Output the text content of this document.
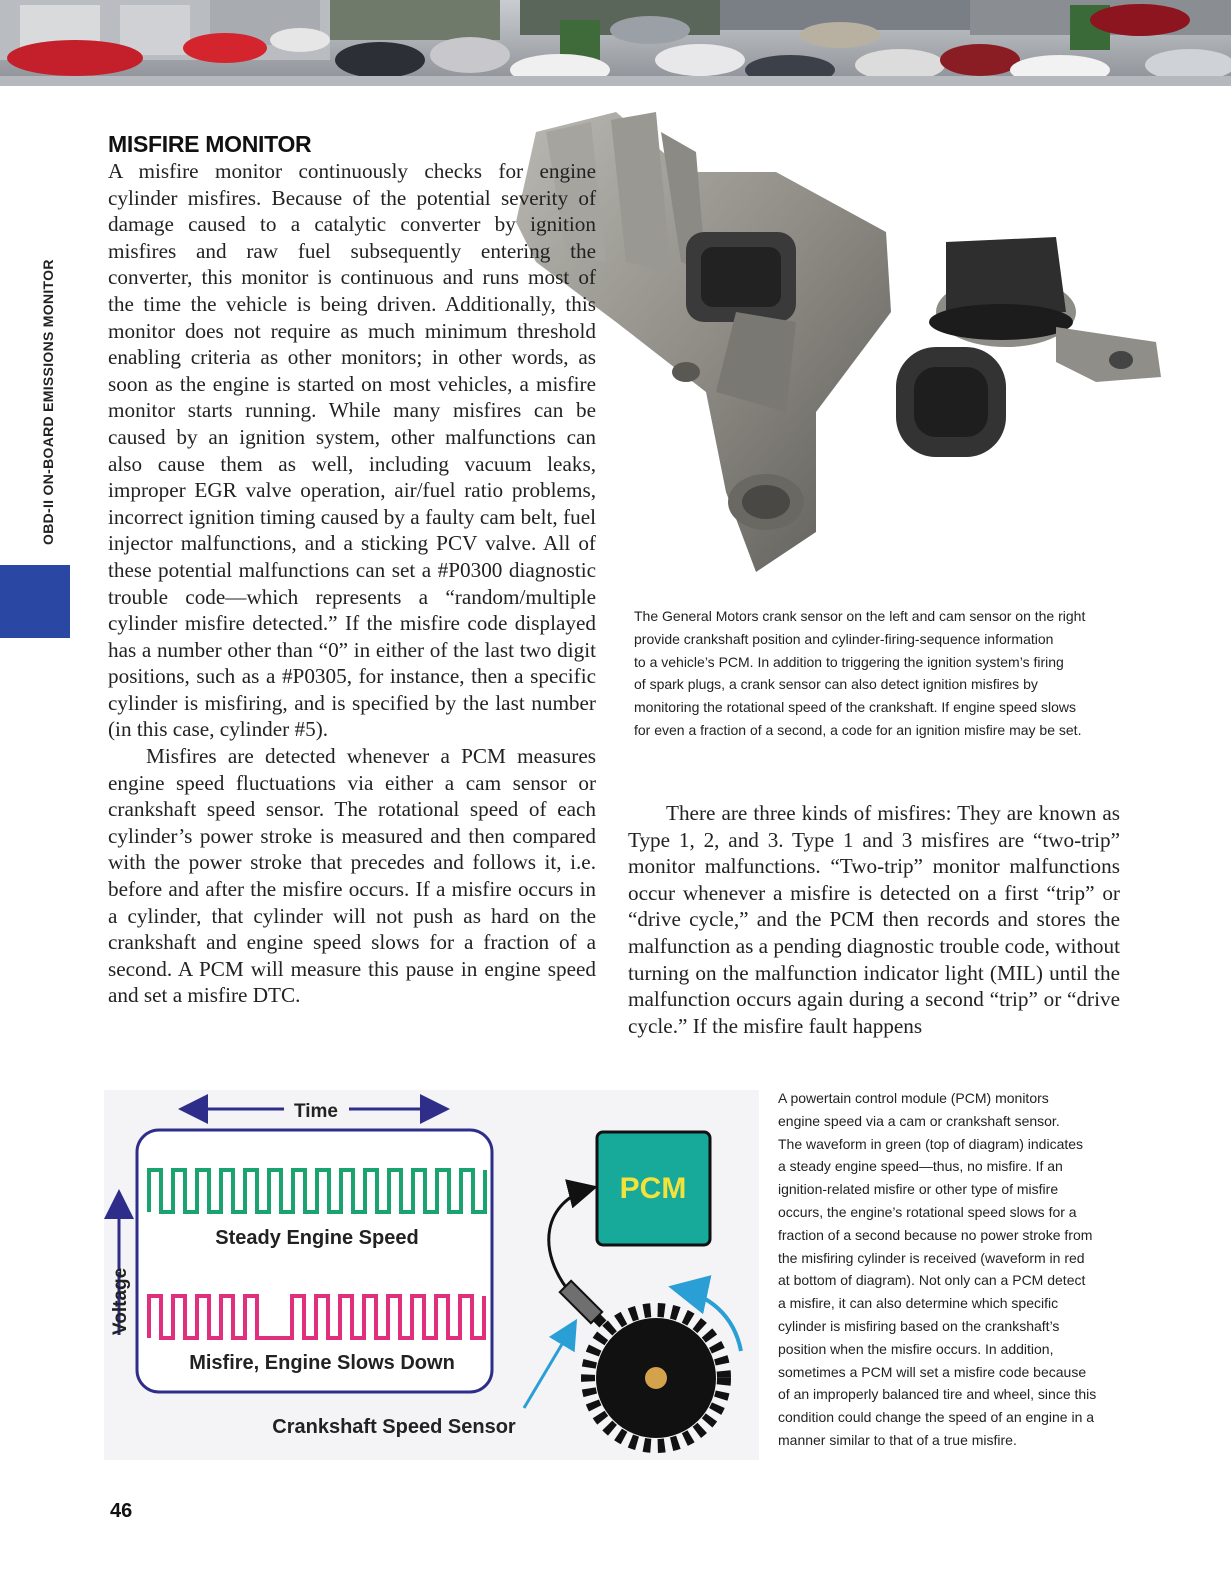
OBD-II ON-BOARD EMISSIONS MONITOR
MISFIRE MONITOR

A misfire monitor continuously checks for engine cylinder misfires. Because of the potential severity of damage caused to a catalytic converter by ignition misfires and raw fuel subsequently entering the converter, this monitor is continuous and runs most of the time the vehicle is being driven. Additionally, this monitor does not require as much minimum threshold enabling criteria as other monitors; in other words, as soon as the engine is started on most vehicles, a misfire monitor starts running. While many misfires can be caused by an ignition system, other malfunctions can also cause them as well, including vacuum leaks, improper EGR valve operation, air/fuel ratio problems, incorrect ignition timing caused by a faulty cam belt, fuel injector malfunctions, and a sticking PCV valve. All of these potential malfunctions can set a #P0300 diagnostic trouble code—which represents a “random/multiple cylinder misfire detected.” If the misfire code displayed has a number other than “0” in either of the last two digit positions, such as a #P0305, for instance, then a specific cylinder is misfiring, and is specified by the last number (in this case, cylinder #5).

Misfires are detected whenever a PCM measures engine speed fluctuations via either a cam sensor or crankshaft speed sensor. The rotational speed of each cylinder’s power stroke is measured and then compared with the power stroke that precedes and follows it, i.e. before and after the misfire occurs. If a misfire occurs in a cylinder, that cylinder will not push as hard on the crankshaft and engine speed slows for a fraction of a second. A PCM will measure this pause in engine speed and set a misfire DTC.

The General Motors crank sensor on the left and cam sensor on the right
provide crankshaft position and cylinder-firing-sequence information
to a vehicle’s PCM. In addition to triggering the ignition system’s firing
of spark plugs, a crank sensor can also detect ignition misfires by
monitoring the rotational speed of the crankshaft. If engine speed slows
for even a fraction of a second, a code for an ignition misfire may be set.

There are three kinds of misfires: They are known as Type 1, 2, and 3. Type 1 and 3 misfires are “two-trip” monitor malfunctions. “Two-trip” monitor malfunctions occur whenever a misfire is detected on a first “trip” or “drive cycle,” and the PCM then records and stores the malfunction as a pending diagnostic trouble code, without turning on the malfunction indicator light (MIL) until the malfunction occurs again during a second “trip” or “drive cycle.” If the misfire fault happens

Time
Voltage
Steady Engine Speed
Misfire, Engine Slows Down
PCM
Crankshaft Speed Sensor
A powertain control module (PCM) monitors
engine speed via a cam or crankshaft sensor.
The waveform in green (top of diagram) indicates
a steady engine speed—thus, no misfire. If an
ignition-related misfire or other type of misfire
occurs, the engine’s rotational speed slows for a
fraction of a second because no power stroke from
the misfiring cylinder is received (waveform in red
at bottom of diagram). Not only can a PCM detect
a misfire, it can also determine which specific
cylinder is misfiring based on the crankshaft’s
position when the misfire occurs. In addition,
sometimes a PCM will set a misfire code because
of an improperly balanced tire and wheel, since this
condition could change the speed of an engine in a
manner similar to that of a true misfire.
46
